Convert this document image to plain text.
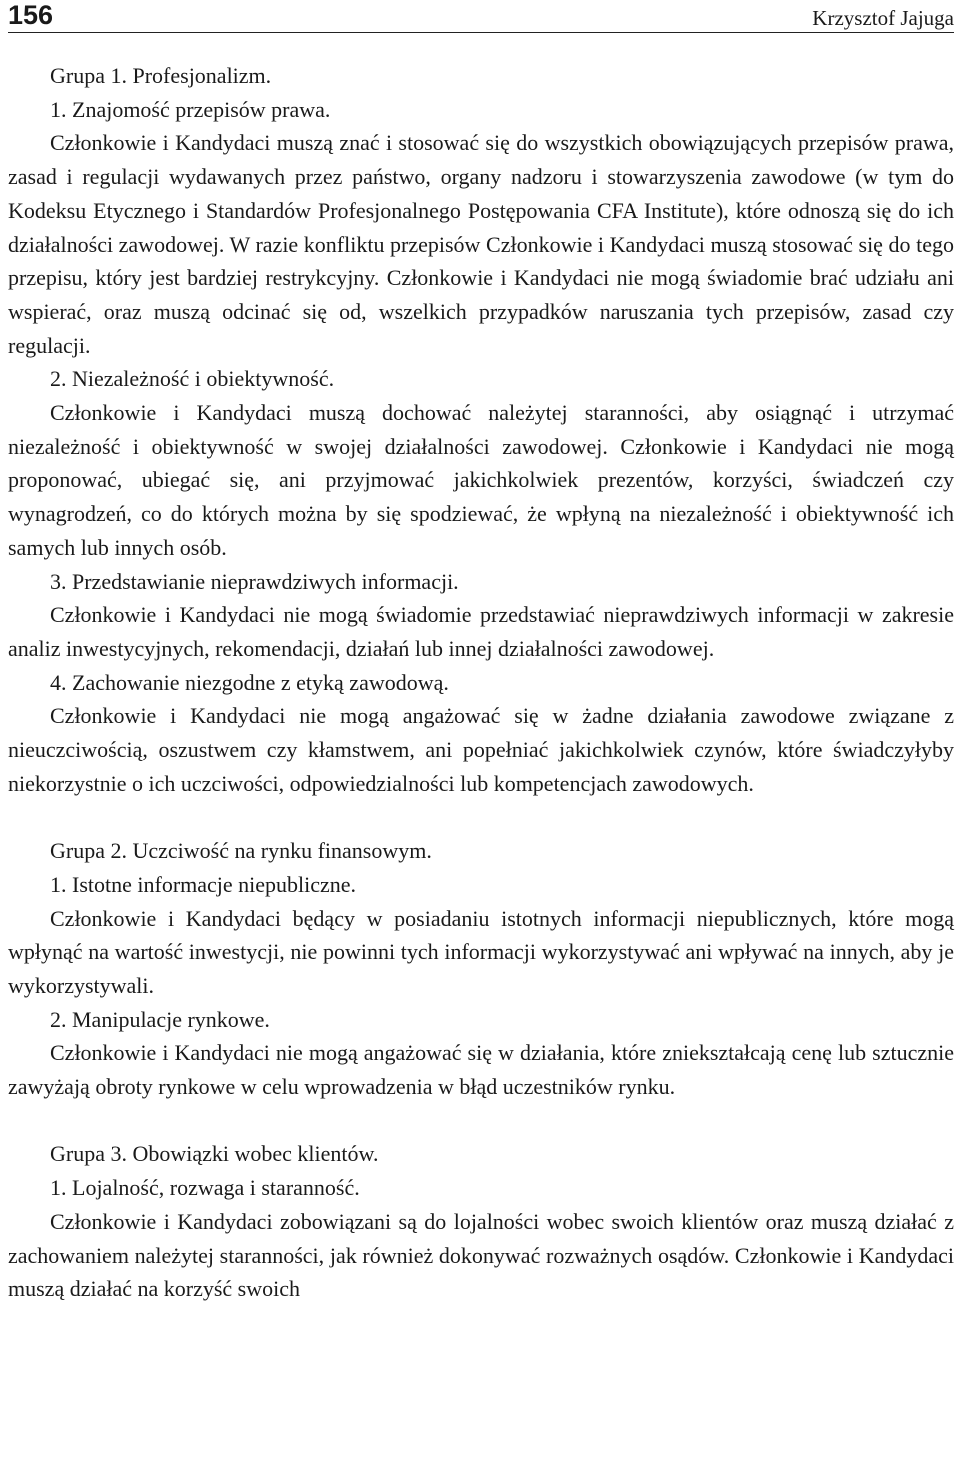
156	Krzysztof Jajuga

Grupa 1. Profesjonalizm.

1. Znajomość przepisów prawa.

Członkowie i Kandydaci muszą znać i stosować się do wszystkich obowiązujących przepisów prawa, zasad i regulacji wydawanych przez państwo, organy nadzoru i stowarzyszenia zawodowe (w tym do Kodeksu Etycznego i Standardów Profesjonalnego Postępowania CFA Institute), które odnoszą się do ich działalności zawodowej. W razie konfliktu przepisów Członkowie i Kandydaci muszą stosować się do tego przepisu, który jest bardziej restrykcyjny. Członkowie i Kandydaci nie mogą świadomie brać udziału ani wspierać, oraz muszą odcinać się od, wszelkich przypadków naruszania tych przepisów, zasad czy regulacji.

2. Niezależność i obiektywność.

Członkowie i Kandydaci muszą dochować należytej staranności, aby osiągnąć i utrzymać niezależność i obiektywność w swojej działalności zawodowej. Członkowie i Kandydaci nie mogą proponować, ubiegać się, ani przyjmować jakichkolwiek prezentów, korzyści, świadczeń czy wynagrodzeń, co do których można by się spodziewać, że wpłyną na niezależność i obiektywność ich samych lub innych osób.

3. Przedstawianie nieprawdziwych informacji.

Członkowie i Kandydaci nie mogą świadomie przedstawiać nieprawdziwych informacji w zakresie analiz inwestycyjnych, rekomendacji, działań lub innej działalności zawodowej.

4. Zachowanie niezgodne z etyką zawodową.

Członkowie i Kandydaci nie mogą angażować się w żadne działania zawodowe związane z nieuczciwością, oszustwem czy kłamstwem, ani popełniać jakichkolwiek czynów, które świadczyłyby niekorzystnie o ich uczciwości, odpowiedzialności lub kompetencjach zawodowych.

Grupa 2. Uczciwość na rynku finansowym.

1. Istotne informacje niepubliczne.

Członkowie i Kandydaci będący w posiadaniu istotnych informacji niepublicznych, które mogą wpłynąć na wartość inwestycji, nie powinni tych informacji wykorzystywać ani wpływać na innych, aby je wykorzystywali.

2. Manipulacje rynkowe.

Członkowie i Kandydaci nie mogą angażować się w działania, które zniekształcają cenę lub sztucznie zawyżają obroty rynkowe w celu wprowadzenia w błąd uczestników rynku.

Grupa 3. Obowiązki wobec klientów.

1. Lojalność, rozwaga i staranność.

Członkowie i Kandydaci zobowiązani są do lojalności wobec swoich klientów oraz muszą działać z zachowaniem należytej staranności, jak również dokonywać rozważnych osądów. Członkowie i Kandydaci muszą działać na korzyść swoich
